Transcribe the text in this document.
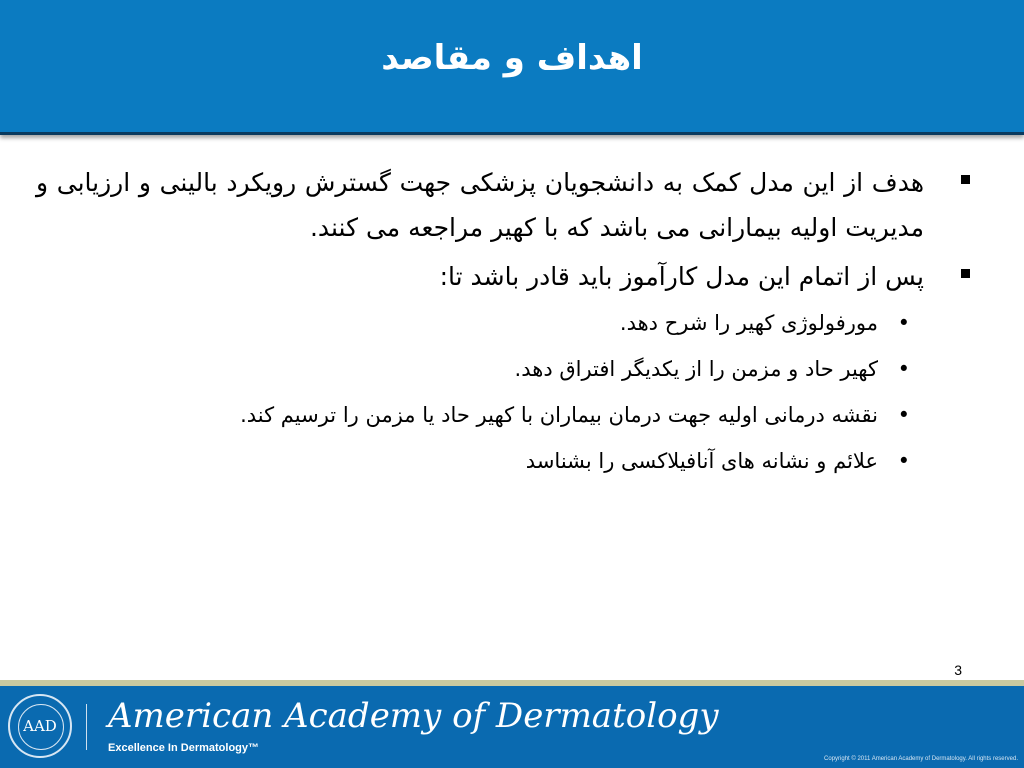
اهداف و مقاصد
هدف از این مدل کمک به دانشجویان پزشکی جهت گسترش رویکرد بالینی و ارزیابی و مدیریت اولیه بیمارانی می باشد که با کهیر مراجعه می کنند.
پس از اتمام این مدل کارآموز باید قادر باشد تا:
•
مورفولوژی کهیر را شرح دهد.
•
کهیر حاد و مزمن را از یکدیگر افتراق دهد.
•
نقشه درمانی اولیه جهت درمان بیماران با کهیر حاد یا مزمن را ترسیم کند.
•
علائم و نشانه های آنافیلاکسی را بشناسد
3
AAD	American Academy of Dermatology
Excellence In Dermatology™
Copyright © 2011 American Academy of Dermatology. All rights reserved.
